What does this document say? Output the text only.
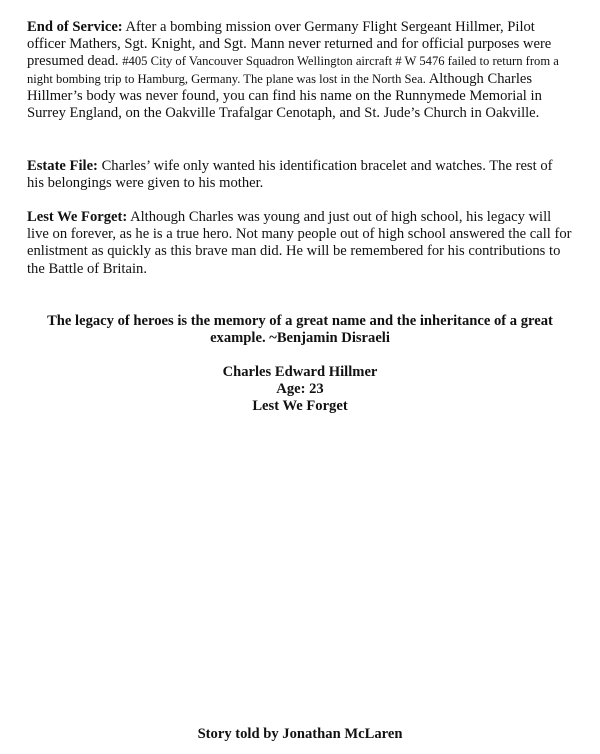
End of Service: After a bombing mission over Germany Flight Sergeant Hillmer, Pilot officer Mathers, Sgt. Knight, and Sgt. Mann never returned and for official purposes were presumed dead. #405 City of Vancouver Squadron Wellington aircraft # W 5476 failed to return from a night bombing trip to Hamburg, Germany. The plane was lost in the North Sea. Although Charles Hillmer’s body was never found, you can find his name on the Runnymede Memorial in Surrey England, on the Oakville Trafalgar Cenotaph, and St. Jude’s Church in Oakville.

Estate File: Charles’ wife only wanted his identification bracelet and watches. The rest of his belongings were given to his mother.

Lest We Forget: Although Charles was young and just out of high school, his legacy will live on forever, as he is a true hero. Not many people out of high school answered the call for enlistment as quickly as this brave man did. He will be remembered for his contributions to the Battle of Britain.

The legacy of heroes is the memory of a great name and the inheritance of a great
example. ~Benjamin Disraeli
Charles Edward Hillmer
Age: 23
Lest We Forget
Story told by Jonathan McLaren
